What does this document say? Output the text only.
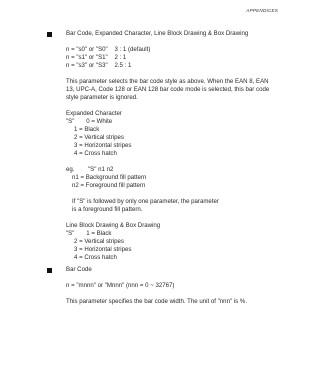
APPENDICES
Bar Code, Expanded Character, Line Block Drawing & Box Drawing
n = "s0" or "S0"    3 : 1 (default)
n = "s1" or "S1"    2 : 1
n = "s3" or "S3"    2.5 : 1
This parameter selects the bar code style as above. When the EAN 8, EAN
13, UPC-A, Code 128 or EAN 128 bar code mode is selected, this bar code
style parameter is ignored.
Expanded Character
"S"       0 = White
1 = Black
2 = Vertical stripes
3 = Horizontal stripes
4 = Cross hatch
eg.        "S" n1 n2
n1 = Background fill pattern
n2 = Foreground fill pattern
If "S" is followed by only one parameter, the parameter
is a foreground fill pattern.
Line Block Drawing & Box Drawing
"S"       1 = Black
2 = Vertical stripes
3 = Horizontal stripes
4 = Cross hatch
Bar Code
n = "mnnn" or "Mnnn" (nnn = 0 ~ 32767)
This parameter specifies the bar code width. The unit of "nnn" is %.
